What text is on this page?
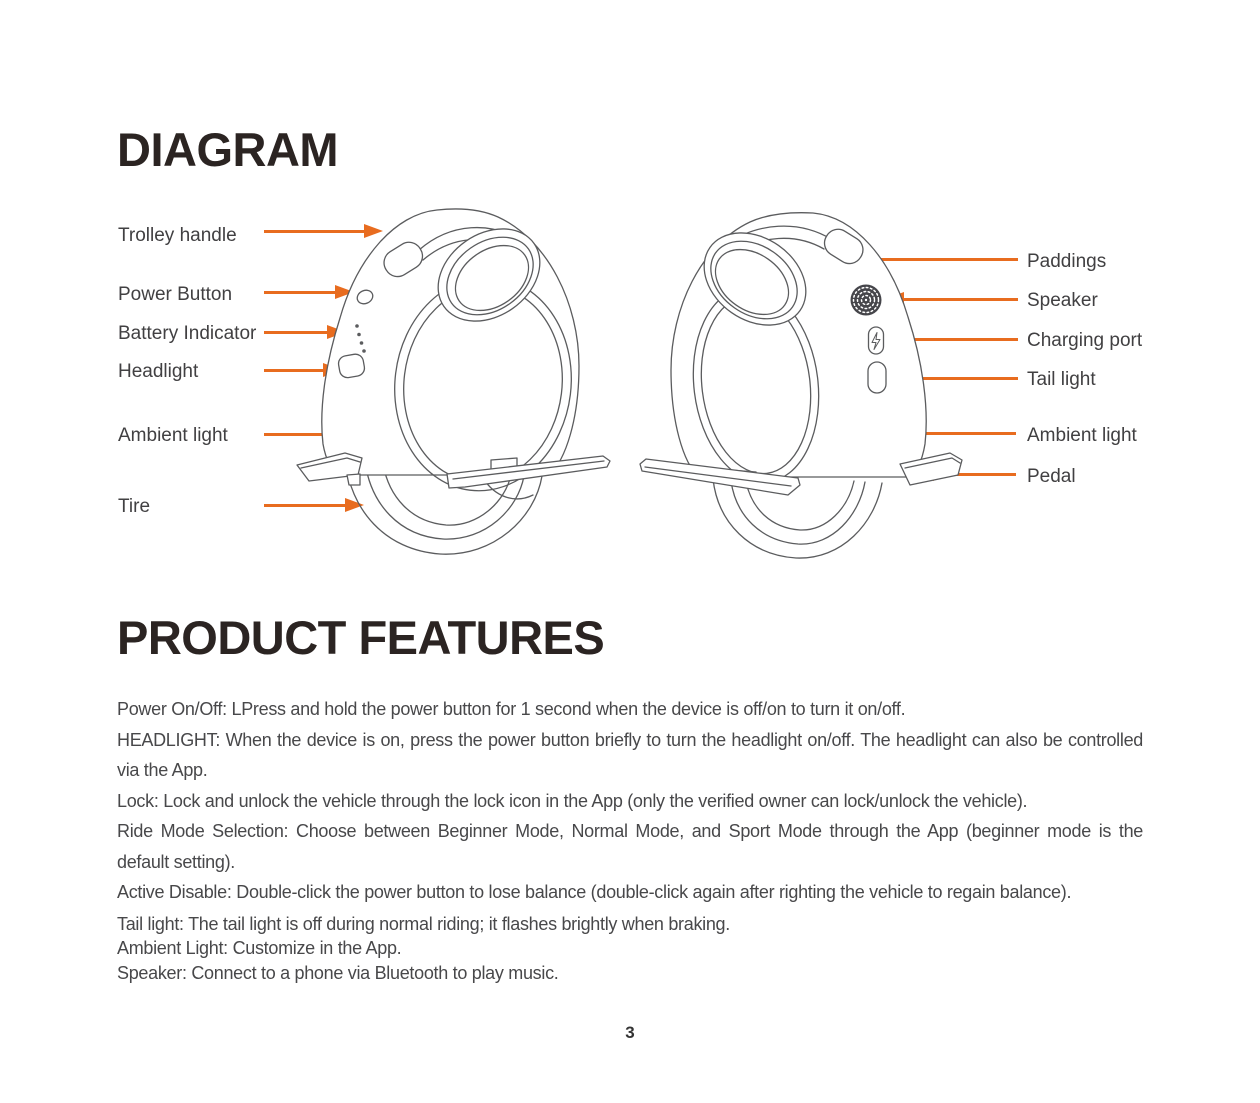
DIAGRAM
Trolley handle
Power Button
Battery Indicator
Headlight
Ambient light
Tire
Paddings
Speaker
Charging port
Tail light
Ambient light
Pedal
PRODUCT FEATURES

Power On/Off: LPress and hold the power button for 1 second when the device is off/on to turn it on/off.

HEADLIGHT: When the device is on, press the power button briefly to turn the headlight on/off. The headlight can also be controlled via the App.

Lock: Lock and unlock the vehicle through the lock icon in the App (only the verified owner can lock/unlock the vehicle).

Ride Mode Selection: Choose between Beginner Mode, Normal Mode, and Sport Mode through the App (beginner mode is the default setting).

Active Disable: Double-click the power button to lose balance (double-click again after righting the vehicle to regain balance).

Tail light: The tail light is off during normal riding; it flashes brightly when braking.

Ambient Light: Customize in the App.

Speaker: Connect to a phone via Bluetooth to play music.

3
